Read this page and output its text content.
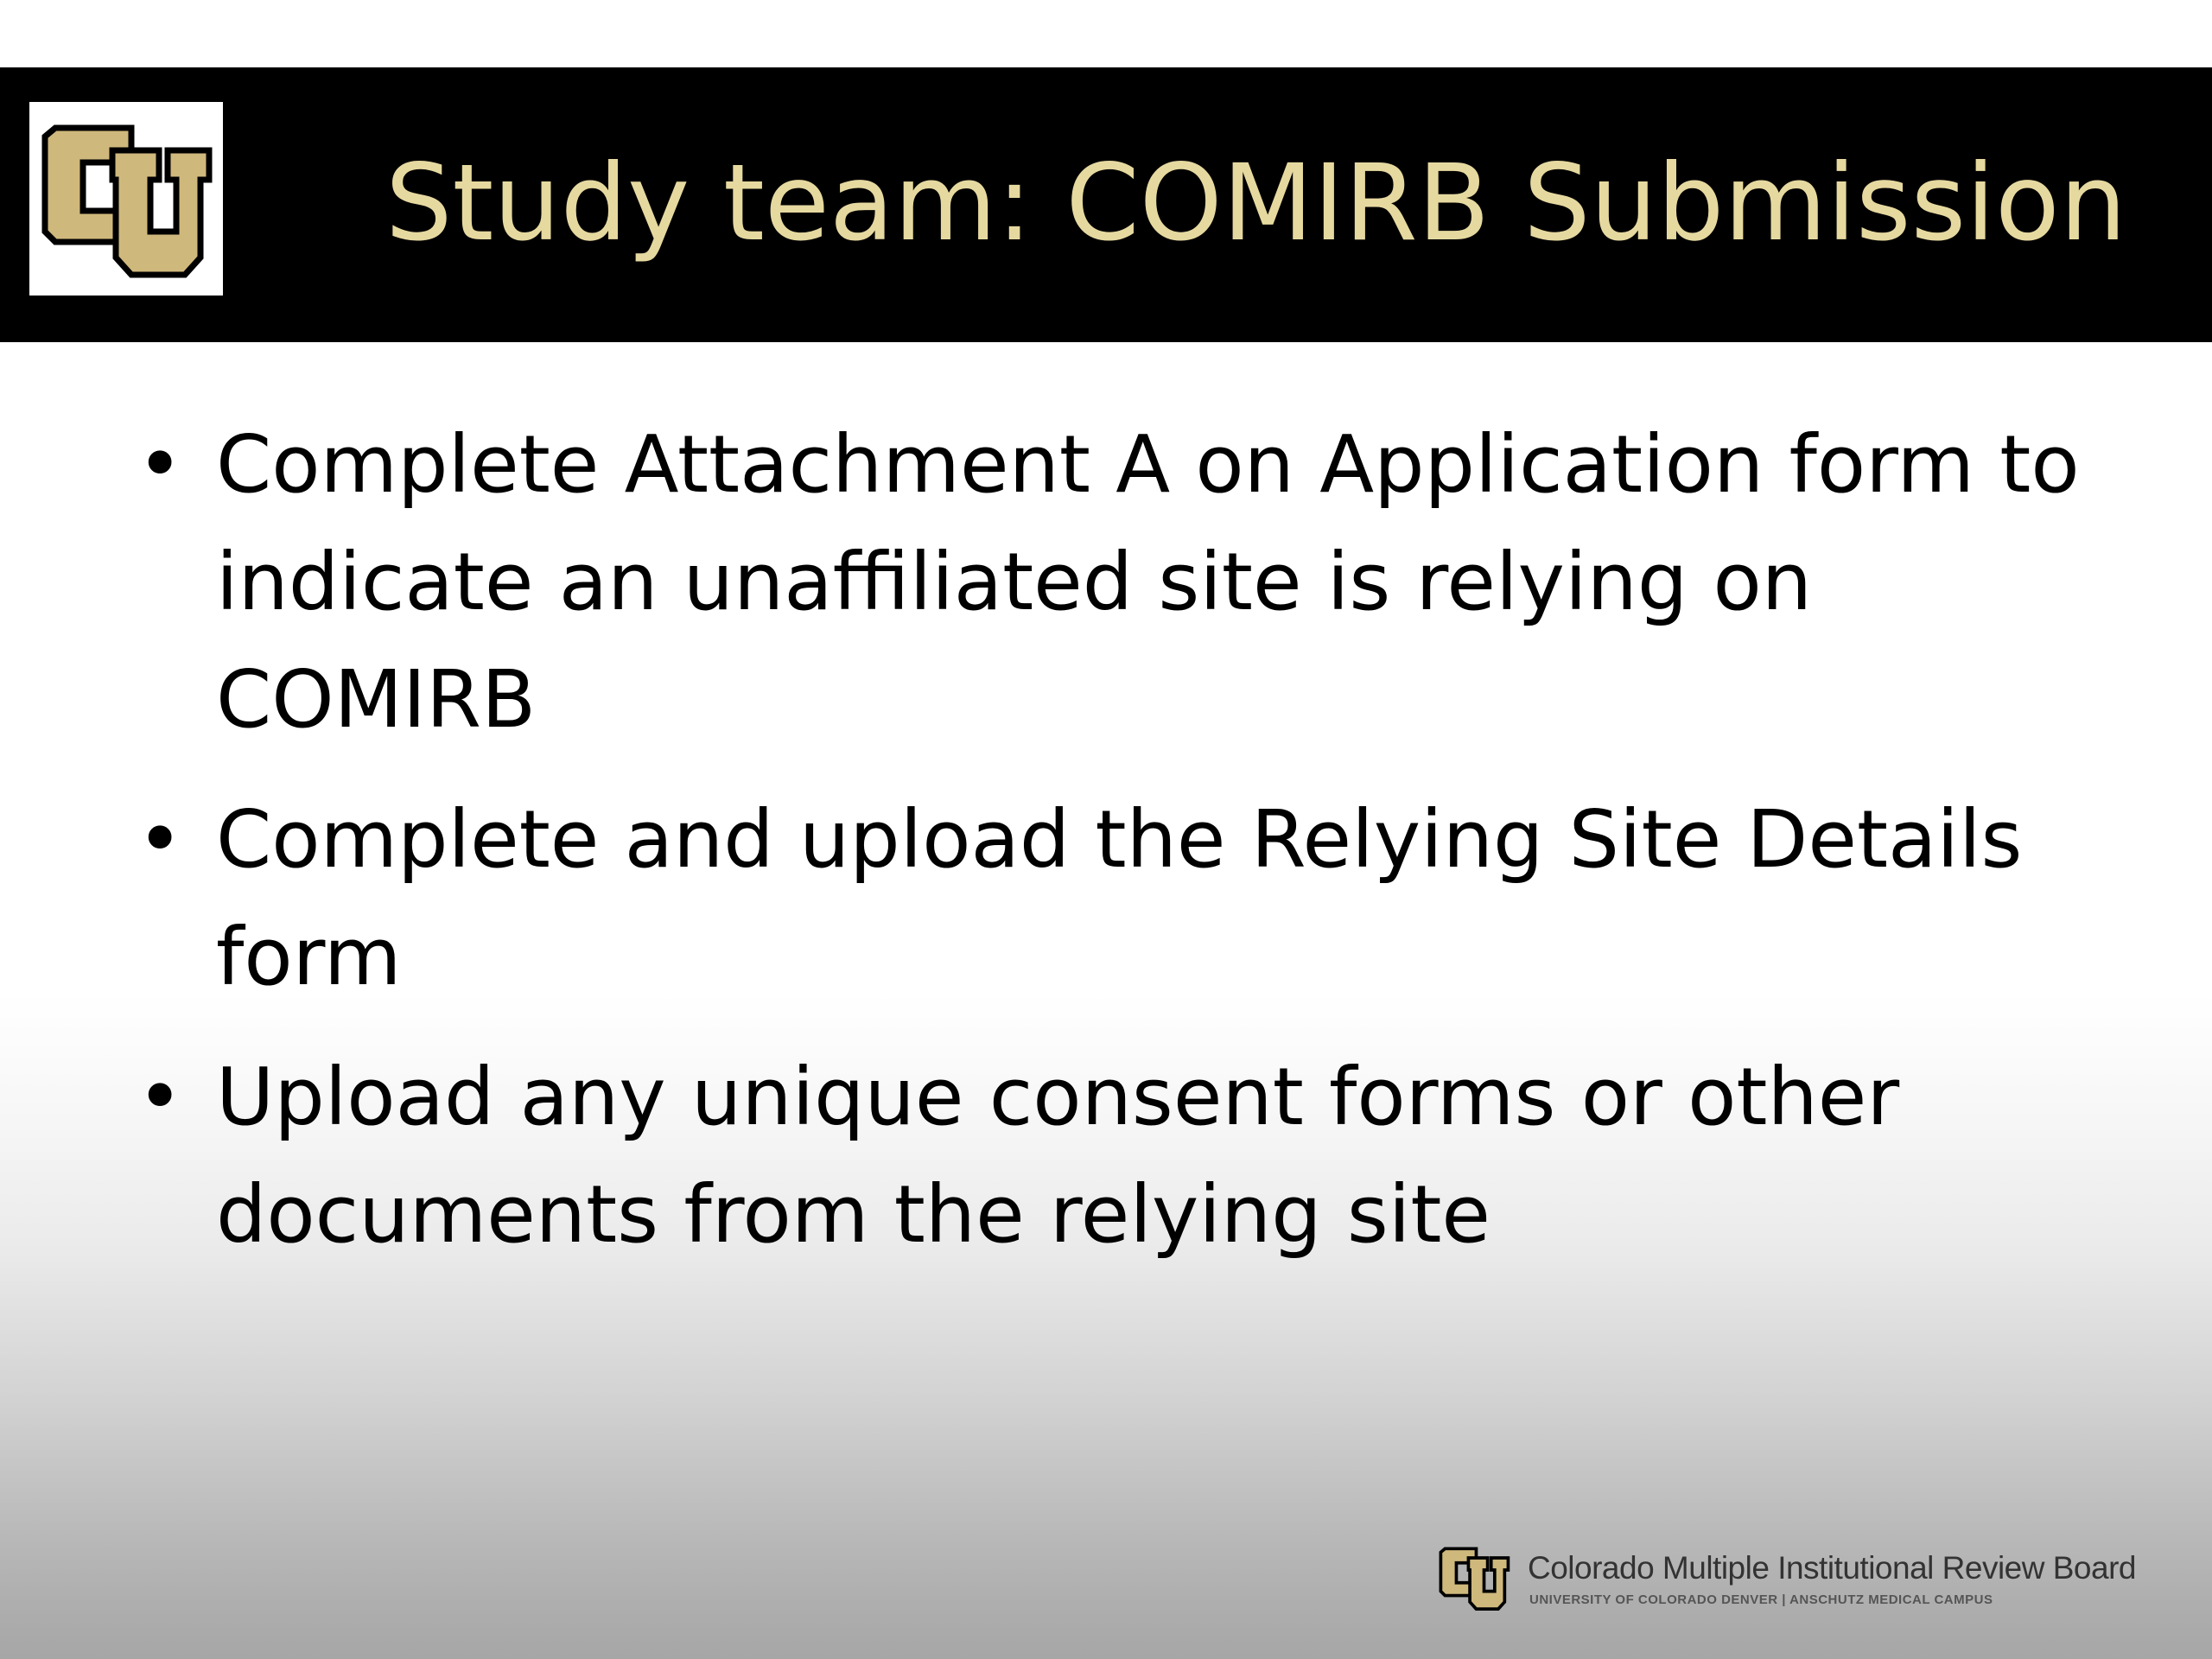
Study team: COMIRB Submission
• Complete Attachment A on Application form to indicate an unaffiliated site is relying on COMIRB
• Complete and upload the Relying Site Details form
• Upload any unique consent forms or other documents from the relying site
Colorado Multiple Institutional Review Board
UNIVERSITY OF COLORADO DENVER | ANSCHUTZ MEDICAL CAMPUS
